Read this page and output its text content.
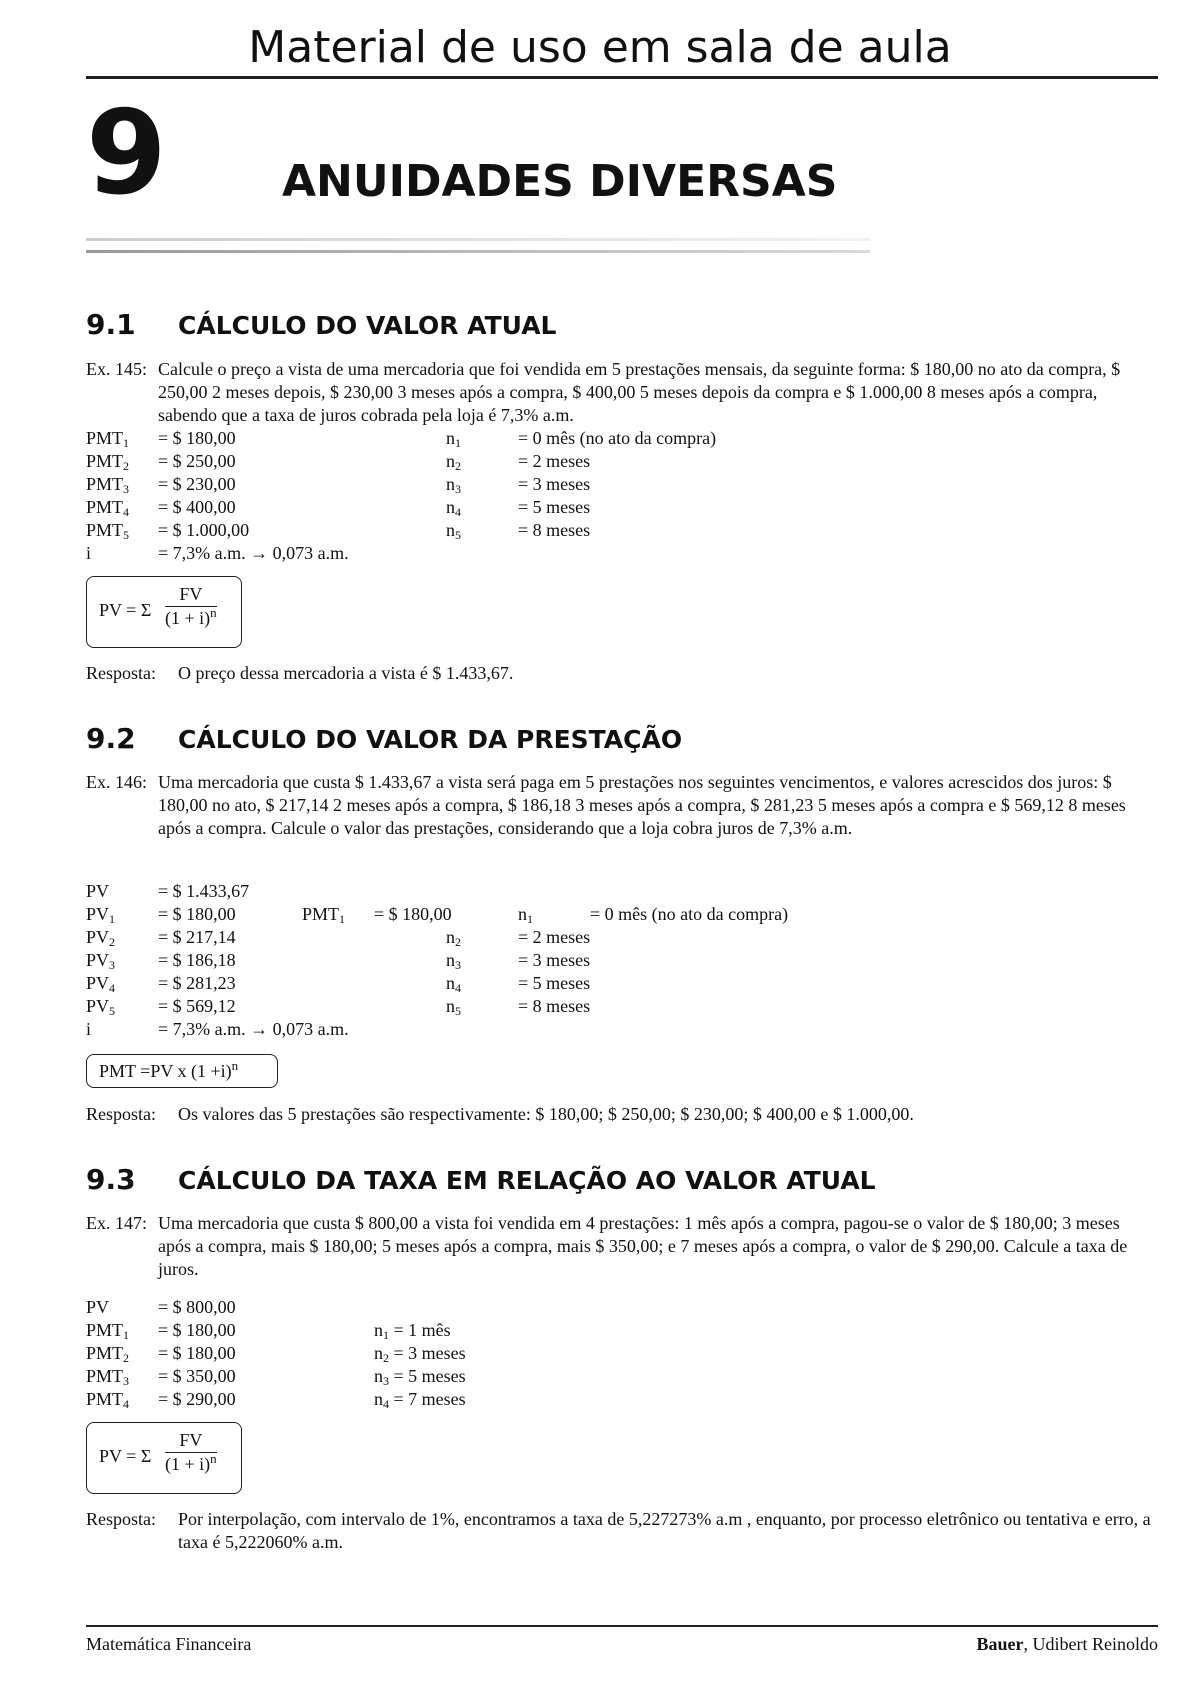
Material de uso em sala de aula
9	ANUIDADES DIVERSAS
9.1 CÁLCULO DO VALOR ATUAL
Ex. 145: Calcule o preço a vista de uma mercadoria que foi vendida em 5 prestações mensais, da seguinte forma: $ 180,00 no ato da compra, $ 250,00 2 meses depois, $ 230,00 3 meses após a compra, $ 400,00 5 meses depois da compra e $ 1.000,00 8 meses após a compra, sabendo que a taxa de juros cobrada pela loja é 7,3% a.m.
$PMT_1$ = $ 180,00	$n_1$	= 0 mês (no ato da compra)
$PMT_2$ = $ 250,00	$n_2$	= 2 meses
$PMT_3$ = $ 230,00	$n_3$	= 3 meses
$PMT_4$ = $ 400,00	$n_4$	= 5 meses
$PMT_5$ = $ 1.000,00	$n_5$	= 8 meses
i	= 7,3% a.m. → 0,073 a.m.
PV = Σ $\frac{FV}{(1 + i)^n}$
Resposta: O preço dessa mercadoria a vista é $ 1.433,67.
9.2 CÁLCULO DO VALOR DA PRESTAÇÃO
Ex. 146: Uma mercadoria que custa $ 1.433,67 a vista será paga em 5 prestações nos seguintes vencimentos, e valores acrescidos dos juros: $ 180,00 no ato, $ 217,14 2 meses após a compra, $ 186,18 3 meses após a compra, $ 281,23 5 meses após a compra e $ 569,12 8 meses após a compra. Calcule o valor das prestações, considerando que a loja cobra juros de 7,3% a.m.
PV	= $ 1.433,67
$PV_1$ = $ 180,00	$PMT_1$ = $ 180,00	$n_1$	= 0 mês (no ato da compra)
$PV_2$ = $ 217,14	$n_2$	= 2 meses
$PV_3$ = $ 186,18	$n_3$	= 3 meses
$PV_4$ = $ 281,23	$n_4$	= 5 meses
$PV_5$ = $ 569,12	$n_5$	= 8 meses
i	= 7,3% a.m. → 0,073 a.m.
PMT =PV x $(1 +i)^n$
Resposta: Os valores das 5 prestações são respectivamente: $ 180,00; $ 250,00; $ 230,00; $ 400,00 e $ 1.000,00.
9.3 CÁLCULO DA TAXA EM RELAÇÃO AO VALOR ATUAL
Ex. 147: Uma mercadoria que custa $ 800,00 a vista foi vendida em 4 prestações: 1 mês após a compra, pagou-se o valor de $ 180,00; 3 meses após a compra, mais $ 180,00; 5 meses após a compra, mais $ 350,00; e 7 meses após a compra, o valor de $ 290,00. Calcule a taxa de juros.
PV	= $ 800,00
$PMT_1$ = $ 180,00	$n_1 = 1$ mês
$PMT_2$ = $ 180,00	$n_2 = 3$ meses
$PMT_3$ = $ 350,00	$n_3 = 5$ meses
$PMT_4$ = $ 290,00	$n_4 = 7$ meses
PV = Σ $\frac{FV}{(1 + i)^n}$
Resposta: Por interpolação, com intervalo de 1%, encontramos a taxa de 5,227273% a.m , enquanto, por processo eletrônico ou tentativa e erro, a taxa é 5,222060% a.m.
Matemática Financeira	Bauer, Udibert Reinoldo
